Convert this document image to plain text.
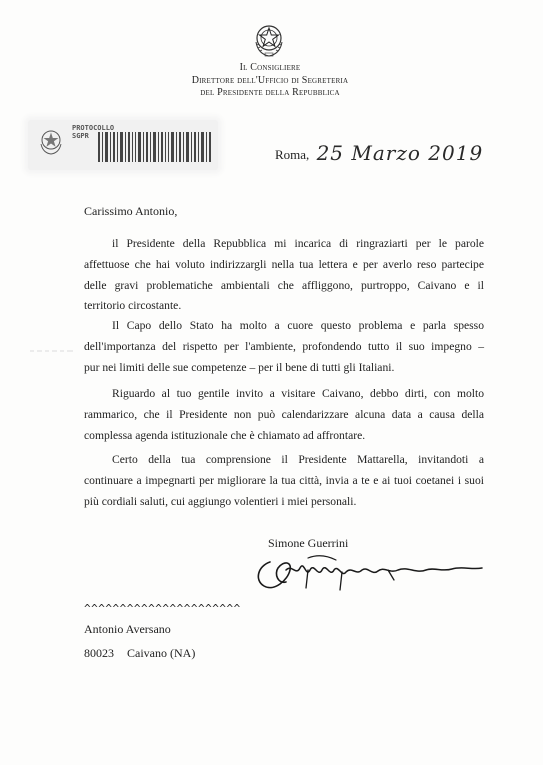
Il Consigliere
Direttore dell'Ufficio di Segreteria
del Presidente della Repubblica
PROTOCOLLO
SGPR
Roma, 25 Marzo 2019
Carissimo Antonio,
il Presidente della Repubblica mi incarica di ringraziarti per le parole
affettuose che hai voluto indirizzargli nella tua lettera e per averlo reso partecipe
delle gravi problematiche ambientali che affliggono, purtroppo, Caivano e il
territorio circostante.
Il Capo dello Stato ha molto a cuore questo problema e parla spesso
dell'importanza del rispetto per l'ambiente, profondendo tutto il suo impegno –
pur nei limiti delle sue competenze – per il bene di tutti gli Italiani.
Riguardo al tuo gentile invito a visitare Caivano, debbo dirti, con molto
rammarico, che il Presidente non può calendarizzare alcuna data a causa della
complessa agenda istituzionale che è chiamato ad affrontare.
Certo della tua comprensione il Presidente Mattarella, invitandoti a
continuare a impegnarti per migliorare la tua città, invia a te e ai tuoi coetanei i suoi
più cordiali saluti, cui aggiungo volentieri i miei personali.
Simone Guerrini
^^^^^^^^^^^^^^^^^^^^^^
Antonio Aversano
80023 Caivano (NA)
